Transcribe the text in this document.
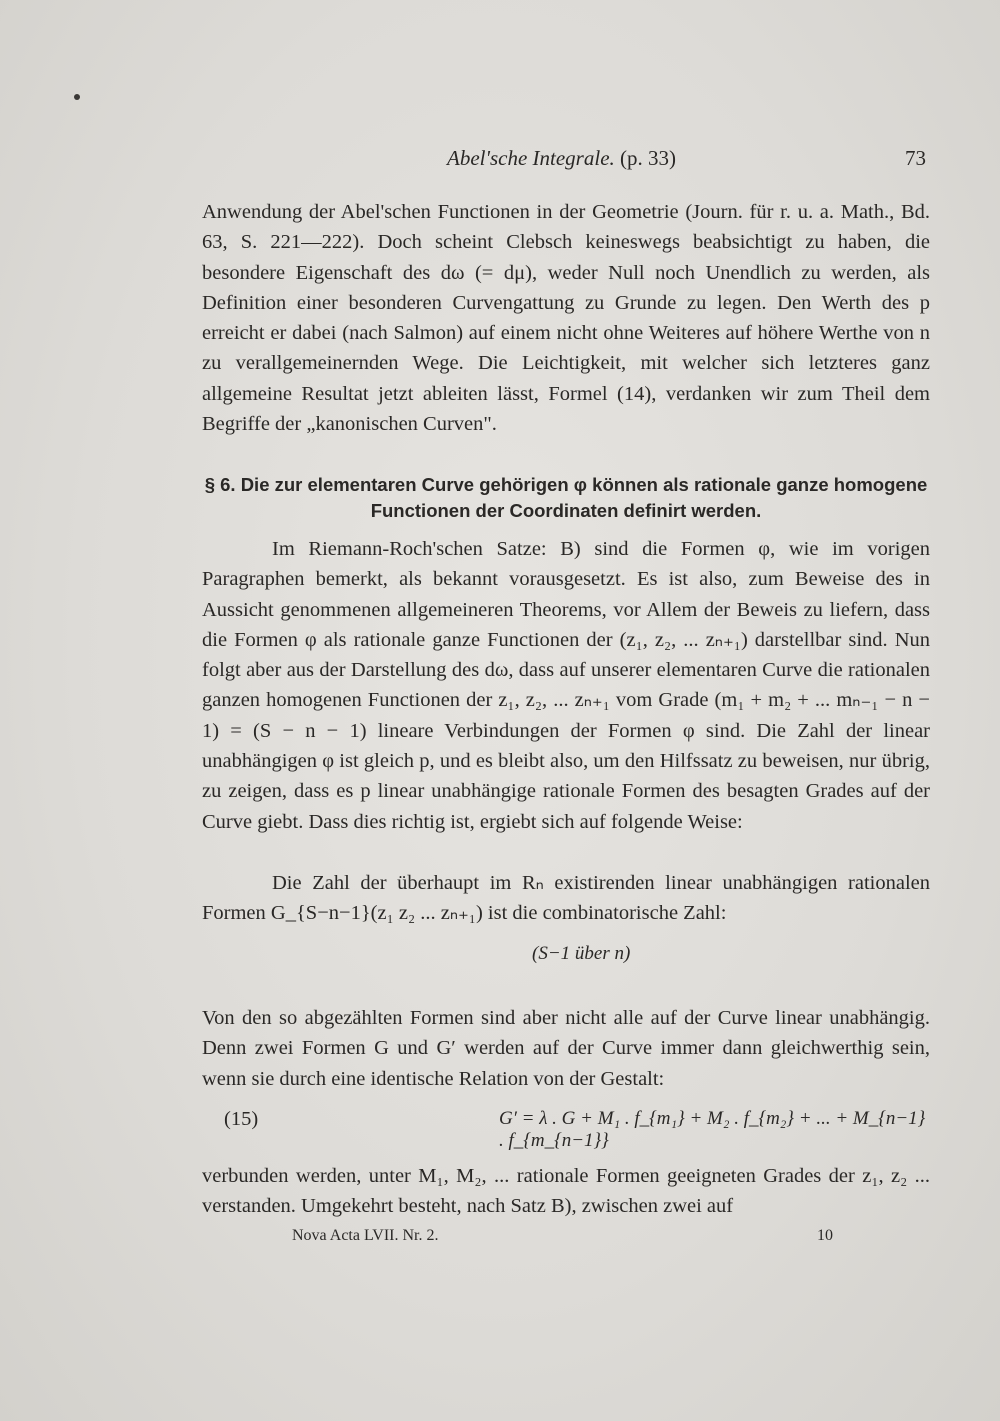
Abel'sche Integrale. (p. 33)	73

Anwendung der Abel'schen Functionen in der Geometrie (Journ. für r. u. a. Math., Bd. 63, S. 221—222). Doch scheint Clebsch keineswegs beabsichtigt zu haben, die besondere Eigenschaft des dω (= dμ), weder Null noch Unendlich zu werden, als Definition einer besonderen Curvengattung zu Grunde zu legen. Den Werth des p erreicht er dabei (nach Salmon) auf einem nicht ohne Weiteres auf höhere Werthe von n zu verallgemeinernden Wege. Die Leichtigkeit, mit welcher sich letzteres ganz allgemeine Resultat jetzt ableiten lässt, Formel (14), verdanken wir zum Theil dem Begriffe der „kanonischen Curven".

§ 6. Die zur elementaren Curve gehörigen φ können als rationale ganze homogene Functionen der Coordinaten definirt werden.

Im Riemann-Roch'schen Satze: B) sind die Formen φ, wie im vorigen Paragraphen bemerkt, als bekannt vorausgesetzt. Es ist also, zum Beweise des in Aussicht genommenen allgemeineren Theorems, vor Allem der Beweis zu liefern, dass die Formen φ als rationale ganze Functionen der (z₁, z₂, ... zₙ₊₁) darstellbar sind. Nun folgt aber aus der Darstellung des dω, dass auf unserer elementaren Curve die rationalen ganzen homogenen Functionen der z₁, z₂, ... zₙ₊₁ vom Grade (m₁ + m₂ + ... mₙ₋₁ − n − 1) = (S − n − 1) lineare Verbindungen der Formen φ sind. Die Zahl der linear unabhängigen φ ist gleich p, und es bleibt also, um den Hilfssatz zu beweisen, nur übrig, zu zeigen, dass es p linear unabhängige rationale Formen des besagten Grades auf der Curve giebt. Dass dies richtig ist, ergiebt sich auf folgende Weise:

Die Zahl der überhaupt im Rₙ existirenden linear unabhängigen rationalen Formen G_{S−n−1}(z₁ z₂ ... zₙ₊₁) ist die combinatorische Zahl:

(S−1 über n)

Von den so abgezählten Formen sind aber nicht alle auf der Curve linear unabhängig. Denn zwei Formen G und G′ werden auf der Curve immer dann gleichwerthig sein, wenn sie durch eine identische Relation von der Gestalt:

(15)	G′ = λ . G + M₁ . f_{m₁} + M₂ . f_{m₂} + ... + M_{n−1} . f_{m_{n−1}}

verbunden werden, unter M₁, M₂, ... rationale Formen geeigneten Grades der z₁, z₂ ... verstanden. Umgekehrt besteht, nach Satz B), zwischen zwei auf

Nova Acta LVII. Nr. 2.	10
